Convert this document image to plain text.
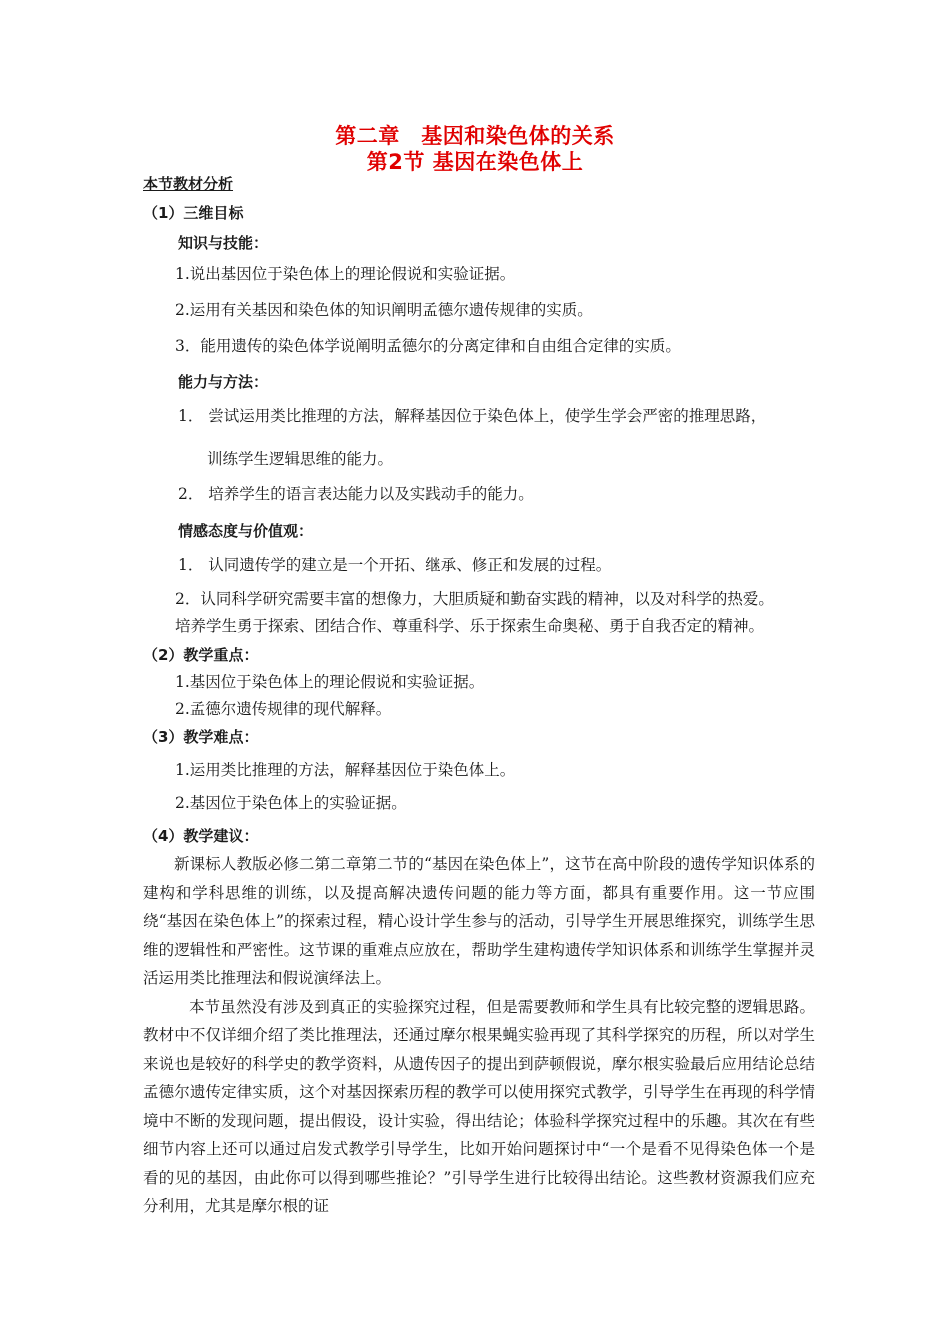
第二章　基因和染色体的关系
第2节 基因在染色体上
本节教材分析
（1）三维目标
知识与技能：
1.说出基因位于染色体上的理论假说和实验证据。
2.运用有关基因和染色体的知识阐明孟德尔遗传规律的实质。
3．能用遗传的染色体学说阐明孟德尔的分离定律和自由组合定律的实质。
能力与方法：
1． 尝试运用类比推理的方法，解释基因位于染色体上，使学生学会严密的推理思路，
训练学生逻辑思维的能力。
2． 培养学生的语言表达能力以及实践动手的能力。
情感态度与价值观：
1． 认同遗传学的建立是一个开拓、继承、修正和发展的过程。
2．认同科学研究需要丰富的想像力，大胆质疑和勤奋实践的精神，以及对科学的热爱。
培养学生勇于探索、团结合作、尊重科学、乐于探索生命奥秘、勇于自我否定的精神。
（2）教学重点：
1.基因位于染色体上的理论假说和实验证据。
2.孟德尔遗传规律的现代解释。
（3）教学难点：
1.运用类比推理的方法，解释基因位于染色体上。
2.基因位于染色体上的实验证据。
（4）教学建议：

新课标人教版必修二第二章第二节的“基因在染色体上”，这节在高中阶段的遗传学知识体系的建构和学科思维的训练，以及提高解决遗传问题的能力等方面，都具有重要作用。这一节应围绕“基因在染色体上”的探索过程，精心设计学生参与的活动，引导学生开展思维探究，训练学生思维的逻辑性和严密性。这节课的重难点应放在，帮助学生建构遗传学知识体系和训练学生掌握并灵活运用类比推理法和假说演绎法上。

本节虽然没有涉及到真正的实验探究过程，但是需要教师和学生具有比较完整的逻辑思路。教材中不仅详细介绍了类比推理法，还通过摩尔根果蝇实验再现了其科学探究的历程，所以对学生来说也是较好的科学史的教学资料，从遗传因子的提出到萨顿假说，摩尔根实验最后应用结论总结孟德尔遗传定律实质，这个对基因探索历程的教学可以使用探究式教学，引导学生在再现的科学情境中不断的发现问题，提出假设，设计实验，得出结论；体验科学探究过程中的乐趣。其次在有些细节内容上还可以通过启发式教学引导学生，比如开始问题探讨中“一个是看不见得染色体一个是看的见的基因，由此你可以得到哪些推论？”引导学生进行比较得出结论。这些教材资源我们应充分利用，尤其是摩尔根的证
